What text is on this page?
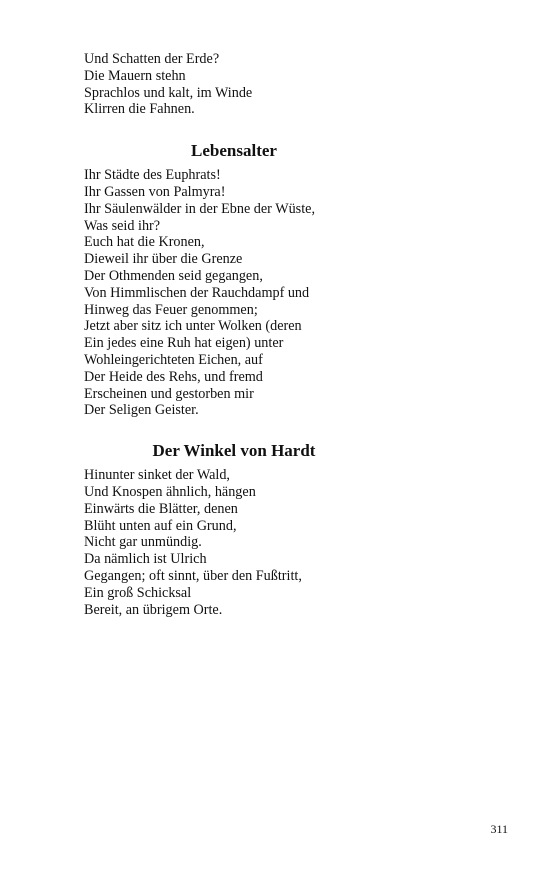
Und Schatten der Erde?

Die Mauern stehn

Sprachlos und kalt, im Winde

Klirren die Fahnen.

Lebensalter

Ihr Städte des Euphrats!

Ihr Gassen von Palmyra!

Ihr Säulenwälder in der Ebne der Wüste,

Was seid ihr?

Euch hat die Kronen,

Dieweil ihr über die Grenze

Der Othmenden seid gegangen,

Von Himmlischen der Rauchdampf und

Hinweg das Feuer genommen;

Jetzt aber sitz ich unter Wolken (deren

Ein jedes eine Ruh hat eigen) unter

Wohleingerichteten Eichen, auf

Der Heide des Rehs, und fremd

Erscheinen und gestorben mir

Der Seligen Geister.

Der Winkel von Hardt

Hinunter sinket der Wald,

Und Knospen ähnlich, hängen

Einwärts die Blätter, denen

Blüht unten auf ein Grund,

Nicht gar unmündig.

Da nämlich ist Ulrich

Gegangen; oft sinnt, über den Fußtritt,

Ein groß Schicksal

Bereit, an übrigem Orte.

311
